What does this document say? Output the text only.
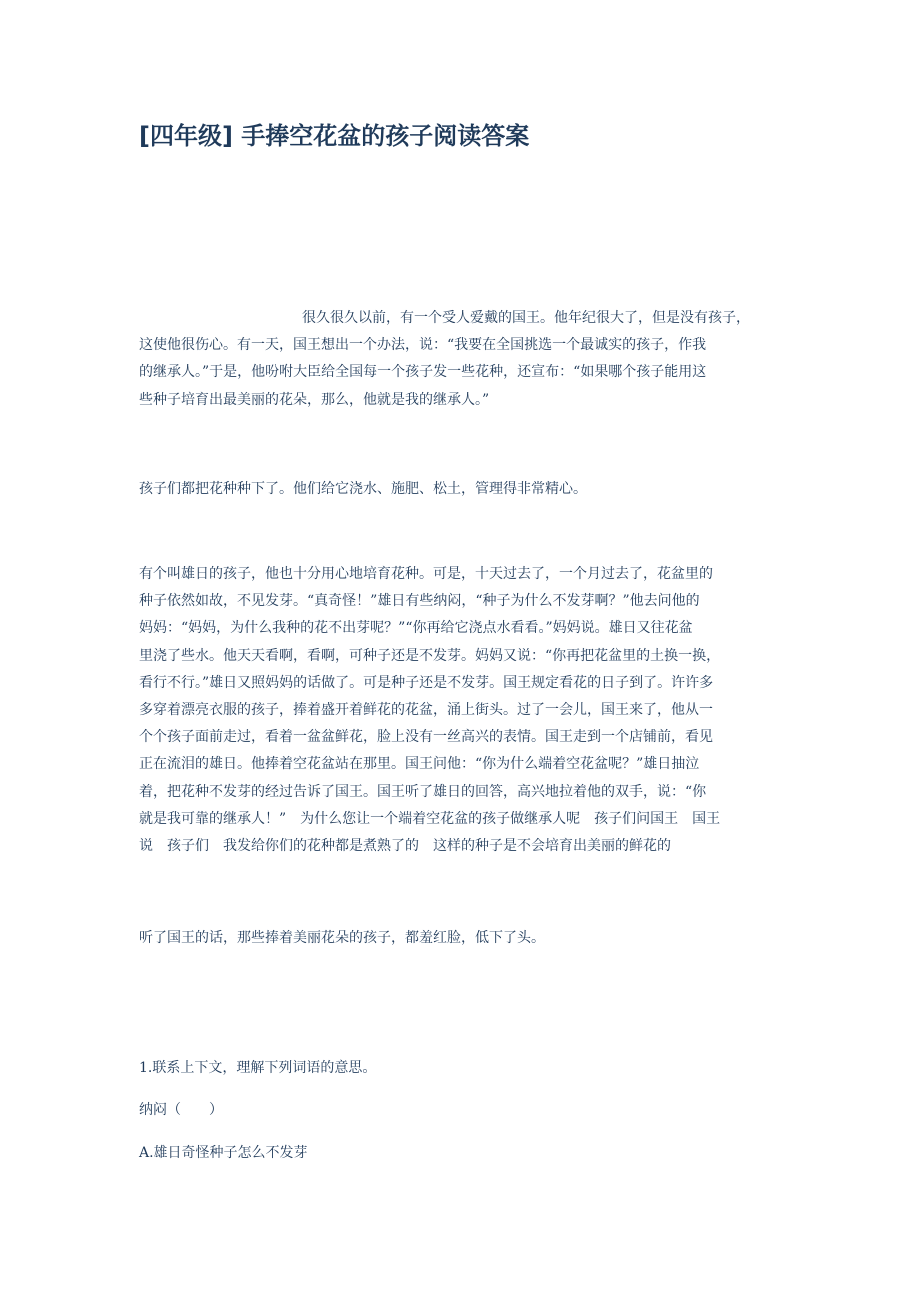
[四年级] 手捧空花盆的孩子阅读答案

很久很久以前，有一个受人爱戴的国王。他年纪很大了，但是没有孩子，
这使他很伤心。有一天，国王想出一个办法，说：“我要在全国挑选一个最诚实的孩子，作我
的继承人。”于是，他吩咐大臣给全国每一个孩子发一些花种，还宣布：“如果哪个孩子能用这
些种子培育出最美丽的花朵，那么，他就是我的继承人。”

孩子们都把花种种下了。他们给它浇水、施肥、松土，管理得非常精心。

有个叫雄日的孩子，他也十分用心地培育花种。可是，十天过去了，一个月过去了，花盆里的
种子依然如故，不见发芽。“真奇怪！”雄日有些纳闷，“种子为什么不发芽啊？”他去问他的
妈妈：“妈妈，为什么我种的花不出芽呢？”“你再给它浇点水看看。”妈妈说。雄日又往花盆
里浇了些水。他天天看啊，看啊，可种子还是不发芽。妈妈又说：“你再把花盆里的土换一换，
看行不行。”雄日又照妈妈的话做了。可是种子还是不发芽。国王规定看花的日子到了。许许多
多穿着漂亮衣服的孩子，捧着盛开着鲜花的花盆，涌上街头。过了一会儿，国王来了，他从一
个个孩子面前走过，看着一盆盆鲜花，脸上没有一丝高兴的表情。国王走到一个店铺前，看见
正在流泪的雄日。他捧着空花盆站在那里。国王问他：“你为什么端着空花盆呢？”雄日抽泣
着，把花种不发芽的经过告诉了国王。国王听了雄日的回答，高兴地拉着他的双手，说：“你
就是我可靠的继承人！”　为什么您让一个端着空花盆的孩子做继承人呢　孩子们问国王　国王
说　孩子们　我发给你们的花种都是煮熟了的　这样的种子是不会培育出美丽的鲜花的

听了国王的话，那些捧着美丽花朵的孩子，都羞红脸，低下了头。

1.联系上下文，理解下列词语的意思。

纳闷（　　）

A.雄日奇怪种子怎么不发芽
